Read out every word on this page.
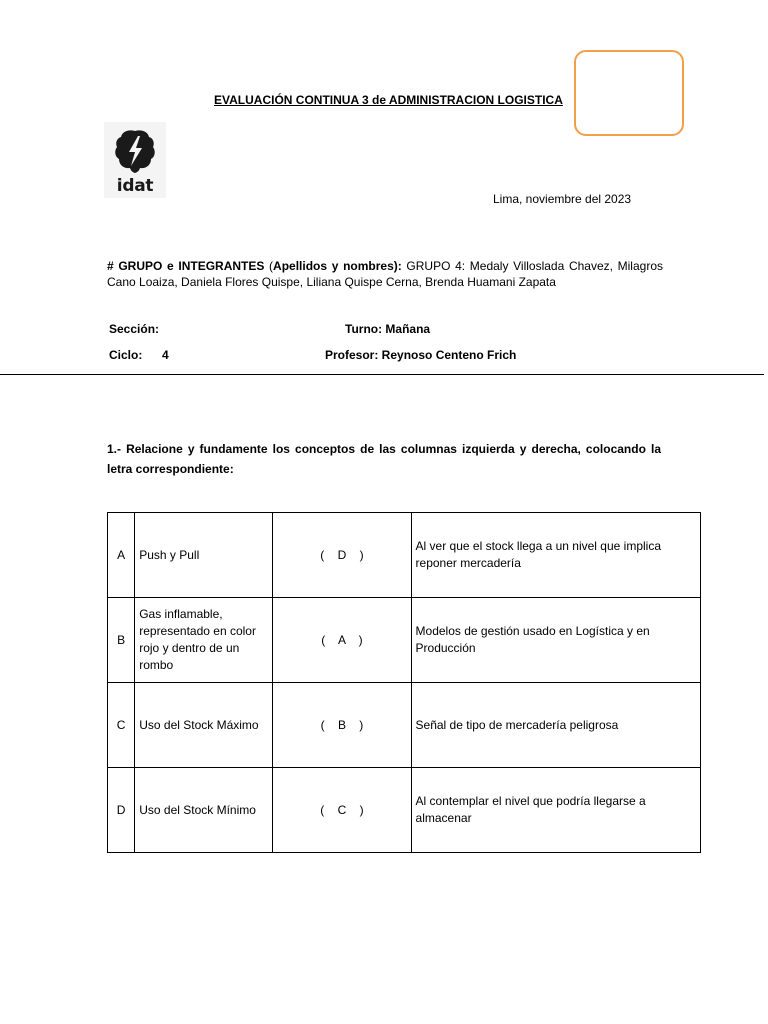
EVALUACIÓN CONTINUA 3 de ADMINISTRACION LOGISTICA
idat
Lima, noviembre del 2023
# GRUPO e INTEGRANTES (Apellidos y nombres): GRUPO 4: Medaly Villoslada Chavez, Milagros Cano Loaiza, Daniela Flores Quispe, Liliana Quispe Cerna, Brenda Huamani Zapata
Sección:	Turno: Mañana
Ciclo: 4	Profesor: Reynoso Centeno Frich
1.- Relacione y fundamente los conceptos de las columnas izquierda y derecha, colocando la letra correspondiente:
A	Push y Pull	(    D    )	Al ver que el stock llega a un nivel que implica reponer mercadería
B	Gas inflamable, representado en color rojo y dentro de un rombo	(    A    )	Modelos de gestión usado en Logística y en Producción
C	Uso del Stock Máximo	(    B    )	Señal de tipo de mercadería peligrosa
D	Uso del Stock Mínimo	(    C    )	Al contemplar el nivel que podría llegarse a almacenar
